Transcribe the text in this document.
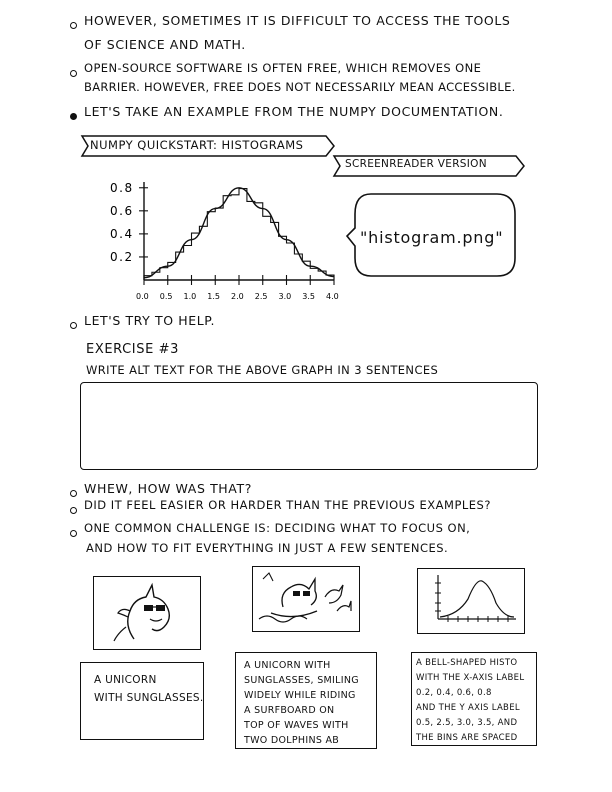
HOWEVER, SOMETIMES IT IS DIFFICULT TO ACCESS THE TOOLS
OF SCIENCE AND MATH.
OPEN-SOURCE SOFTWARE IS OFTEN FREE, WHICH REMOVES ONE
BARRIER. HOWEVER, FREE DOES NOT NECESSARILY MEAN ACCESSIBLE.
LET'S TAKE AN EXAMPLE FROM THE NUMPY DOCUMENTATION.
NUMPY QUICKSTART: HISTOGRAMS
SCREENREADER VERSION
0.8
0.6
0.4
0.2
0.0 0.5 1.0 1.5 2.0 2.5 3.0 3.5 4.0
"histogram.png"
LET'S TRY TO HELP.
EXERCISE #3
WRITE ALT TEXT FOR THE ABOVE GRAPH IN 3 SENTENCES
WHEW, HOW WAS THAT?
DID IT FEEL EASIER OR HARDER THAN THE PREVIOUS EXAMPLES?
ONE COMMON CHALLENGE IS: DECIDING WHAT TO FOCUS ON,
AND HOW TO FIT EVERYTHING IN JUST A FEW SENTENCES.
A UNICORN
WITH SUNGLASSES.
A UNICORN WITH
SUNGLASSES, SMILING
WIDELY WHILE RIDING
A SURFBOARD ON
TOP OF WAVES WITH
TWO DOLPHINS AB
A BELL-SHAPED HISTO
WITH THE X-AXIS LABEL
0.2, 0.4, 0.6, 0.8
AND THE Y AXIS LABEL
0.5, 2.5, 3.0, 3.5, AND
THE BINS ARE SPACED
